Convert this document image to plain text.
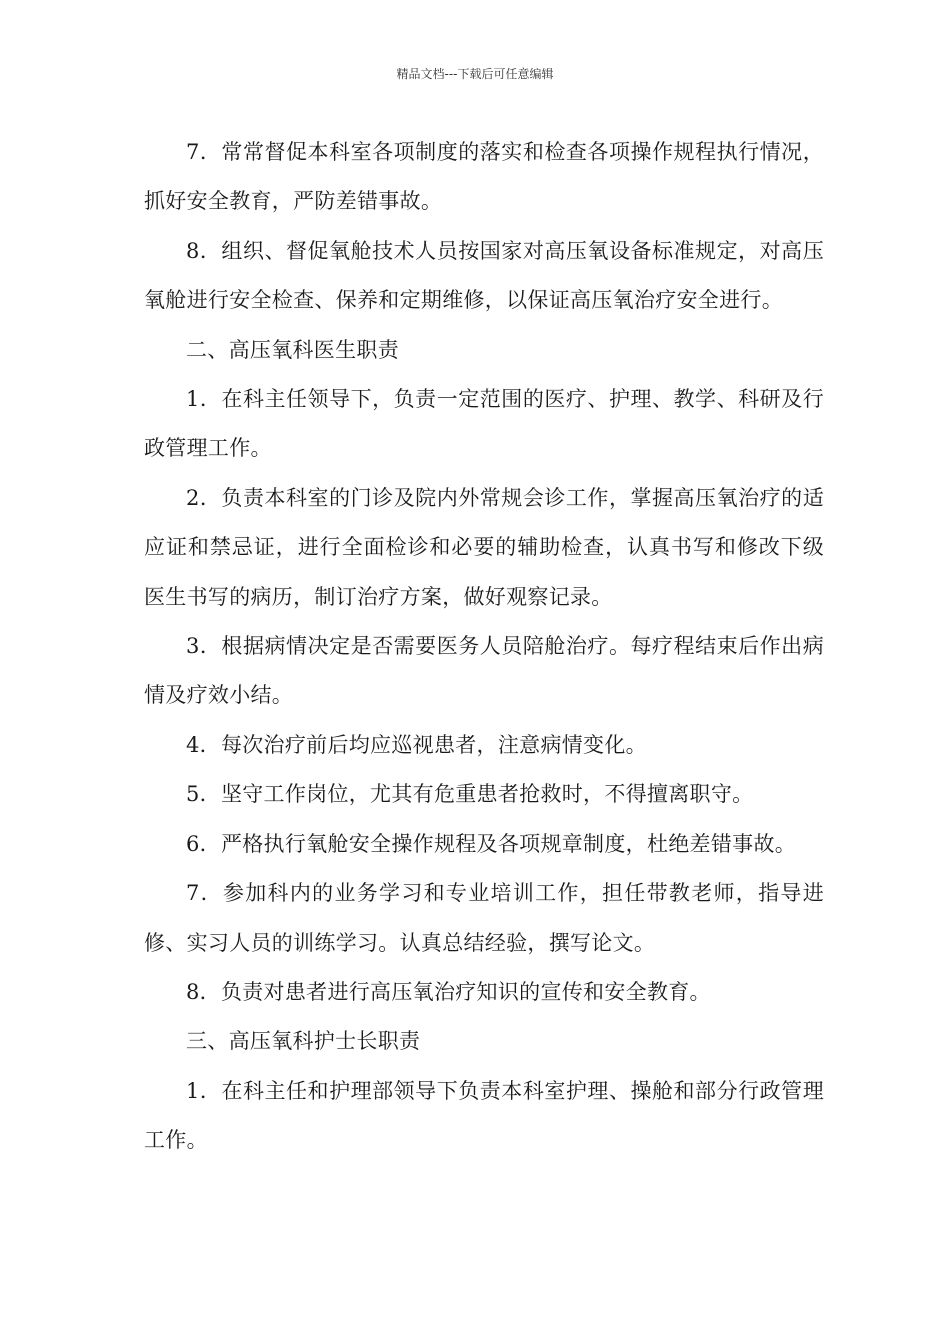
精品文档---下载后可任意编辑

7．常常督促本科室各项制度的落实和检查各项操作规程执行情况，抓好安全教育，严防差错事故。

8．组织、督促氧舱技术人员按国家对高压氧设备标准规定，对高压氧舱进行安全检查、保养和定期维修，以保证高压氧治疗安全进行。

二、高压氧科医生职责

1．在科主任领导下，负责一定范围的医疗、护理、教学、科研及行政管理工作。

2．负责本科室的门诊及院内外常规会诊工作，掌握高压氧治疗的适应证和禁忌证，进行全面检诊和必要的辅助检查，认真书写和修改下级医生书写的病历，制订治疗方案，做好观察记录。

3．根据病情决定是否需要医务人员陪舱治疗。每疗程结束后作出病情及疗效小结。

4．每次治疗前后均应巡视患者，注意病情变化。

5．坚守工作岗位，尤其有危重患者抢救时，不得擅离职守。

6．严格执行氧舱安全操作规程及各项规章制度，杜绝差错事故。

7．参加科内的业务学习和专业培训工作，担任带教老师，指导进修、实习人员的训练学习。认真总结经验，撰写论文。

8．负责对患者进行高压氧治疗知识的宣传和安全教育。

三、高压氧科护士长职责

1．在科主任和护理部领导下负责本科室护理、操舱和部分行政管理工作。
